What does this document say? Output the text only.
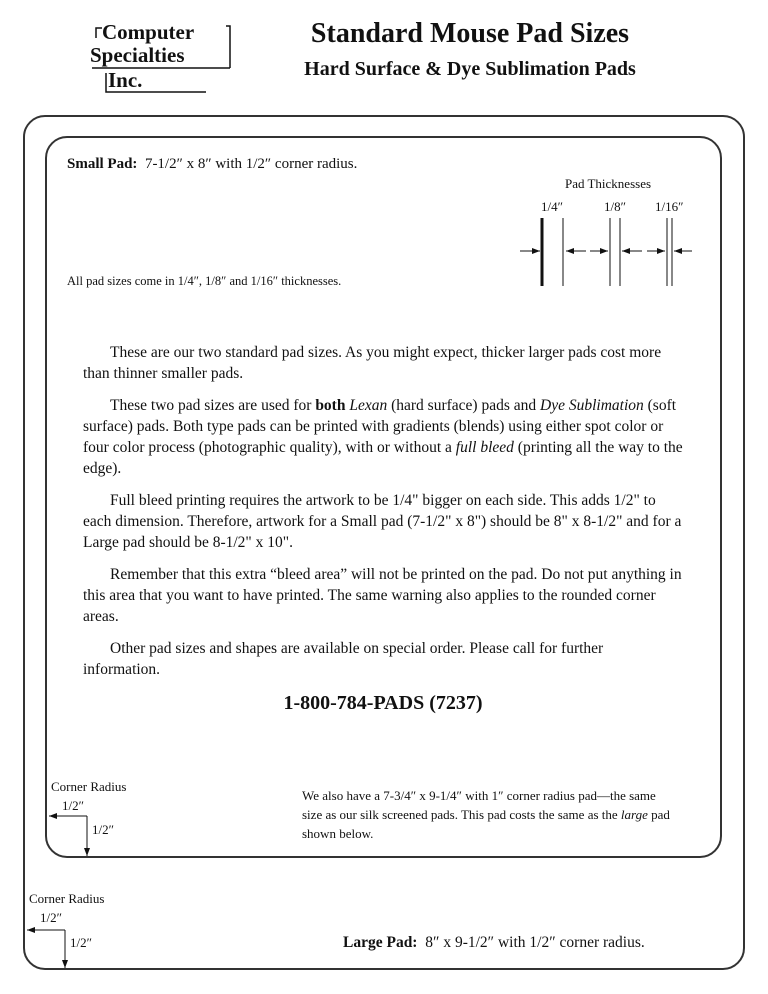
Computer
Specialties
Inc.
Standard Mouse Pad Sizes
Hard Surface & Dye Sublimation Pads
Small Pad: 7-1/2″ x 8″ with 1/2″ corner radius.
Pad Thicknesses
1/4″	1/8″ 1/16″
All pad sizes come in 1/4″, 1/8″ and 1/16″ thicknesses.

These are our two standard pad sizes. As you might expect, thicker larger pads cost more than thinner smaller pads.

These two pad sizes are used for both Lexan (hard surface) pads and Dye Sublimation (soft surface) pads. Both type pads can be printed with gradients (blends) using either spot color or four color process (photographic quality), with or without a full bleed (printing all the way to the edge).

Full bleed printing requires the artwork to be 1/4" bigger on each side. This adds 1/2" to each dimension. Therefore, artwork for a Small pad (7-1/2" x 8") should be 8" x 8-1/2" and for a Large pad should be 8-1/2" x 10".

Remember that this extra “bleed area” will not be printed on the pad. Do not put anything in this area that you want to have printed. The same warning also applies to the rounded corner areas.

Other pad sizes and shapes are available on special order. Please call for further information.

1-800-784-PADS (7237)
We also have a 7-3/4″ x 9-1/4″ with 1″ corner radius pad—the same size as our silk screened pads. This pad costs the same as the large pad shown below.
Corner Radius
1/2″
1/2″
Corner Radius
1/2″
1/2″	Large Pad: 8″ x 9-1/2″ with 1/2″ corner radius.
